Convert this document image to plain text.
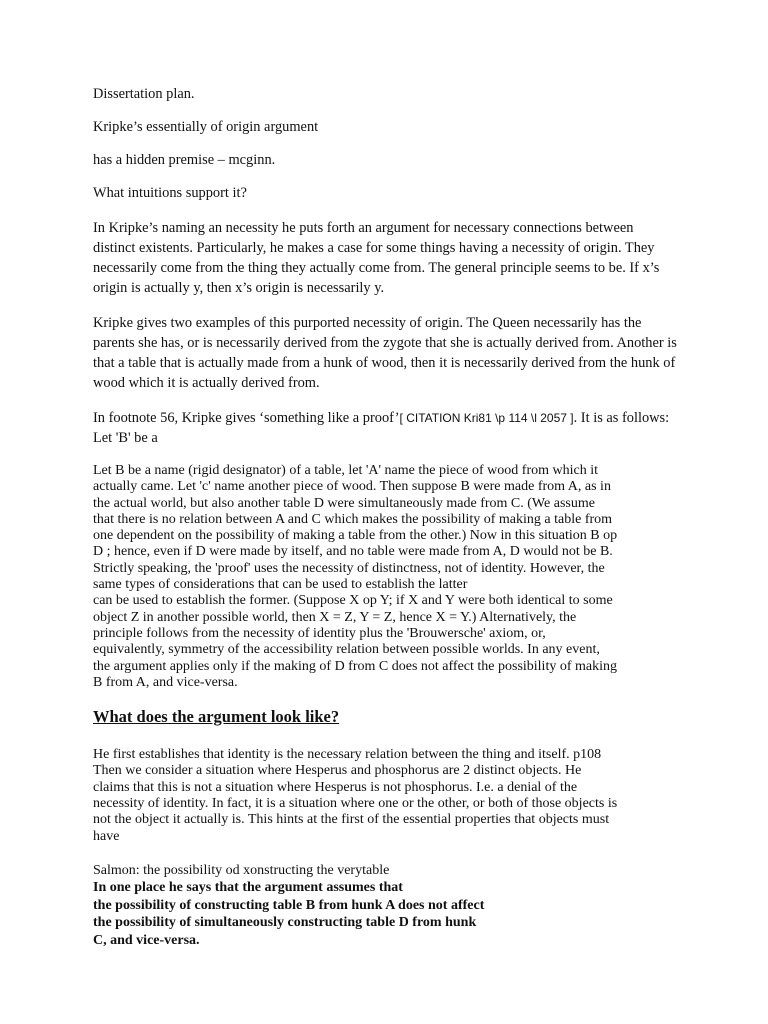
Dissertation plan.

Kripke’s essentially of origin argument

has a hidden premise – mcginn.

What intuitions support it?

In Kripke’s naming an necessity he puts forth an argument for necessary connections between distinct existents. Particularly, he makes a case for some things having a necessity of origin. They necessarily come from the thing they actually come from. The general principle seems to be. If x’s origin is actually y, then x’s origin is necessarily y.

Kripke gives two examples of this purported necessity of origin. The Queen necessarily has the parents she has, or is necessarily derived from the zygote that she is actually derived from. Another is that a table that is actually made from a hunk of wood, then it is necessarily derived from the hunk of wood which it is actually derived from.

In footnote 56, Kripke gives ‘something like a proof’[ CITATION Kri81 \p 114 \l 2057 ]. It is as follows: Let 'B' be a

Let B be a name (rigid designator) of a table, let 'A' name the piece of wood from which it
actually came. Let 'c' name another piece of wood. Then suppose B were made from A, as in
the actual world, but also another table D were simultaneously made from C. (We assume
that there is no relation between A and C which makes the possibility of making a table from
one dependent on the possibility of making a table from the other.) Now in this situation B op
D ; hence, even if D were made by itself, and no table were made from A, D would not be B.
Strictly speaking, the 'proof' uses the necessity of distinctness, not of identity. However, the
same types of considerations that can be used to establish the latter
can be used to establish the former. (Suppose X op Y; if X and Y were both identical to some
object Z in another possible world, then X = Z, Y = Z, hence X = Y.) Alternatively, the
principle follows from the necessity of identity plus the 'Brouwersche' axiom, or,
equivalently, symmetry of the accessibility relation between possible worlds. In any event,
the argument applies only if the making of D from C does not affect the possibility of making
B from A, and vice-versa.
What does the argument look like?
He first establishes that identity is the necessary relation between the thing and itself. p108
Then we consider a situation where Hesperus and phosphorus are 2 distinct objects. He
claims that this is not a situation where Hesperus is not phosphorus. I.e. a denial of the
necessity of identity. In fact, it is a situation where one or the other, or both of those objects is
not the object it actually is. This hints at the first of the essential properties that objects must
have

Salmon: the possibility od xonstructing the verytable

In one place he says that the argument assumes that

the possibility of constructing table B from hunk A does not affect

the possibility of simultaneously constructing table D from hunk

C, and vice-versa.
